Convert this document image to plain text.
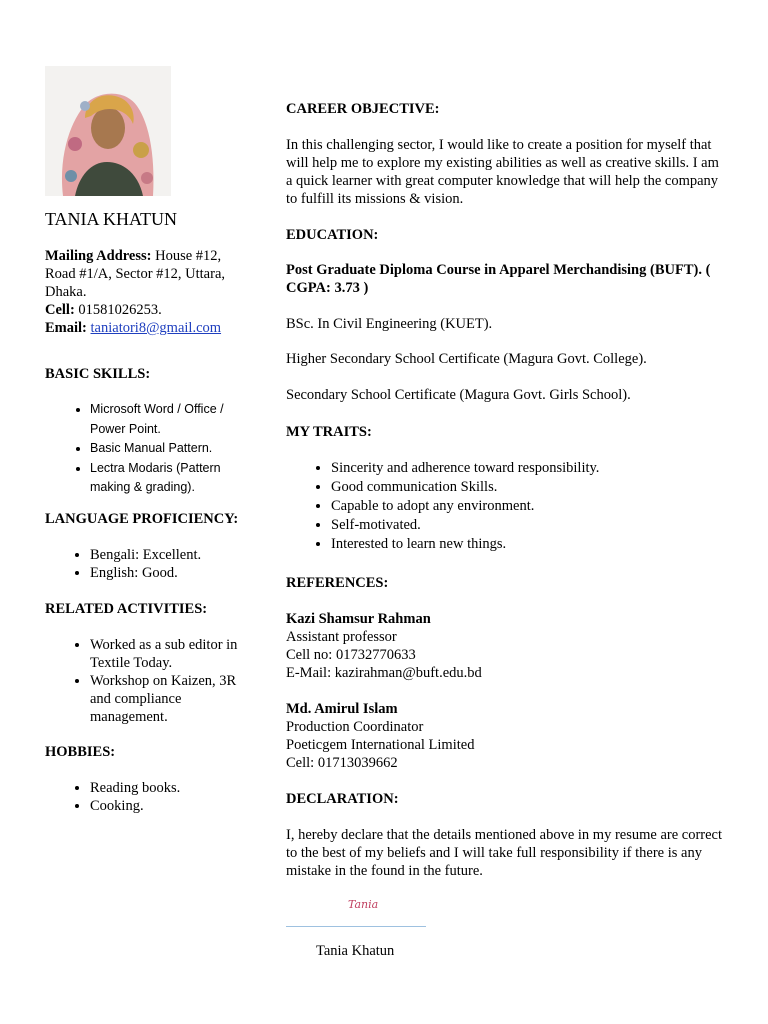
TANIA KHATUN
Mailing Address: House #12, Road #1/A, Sector #12, Uttara, Dhaka.
Cell: 01581026253.
Email: taniatori8@gmail.com
BASIC SKILLS:
• Microsoft Word / Office / Power Point.
• Basic Manual Pattern.
• Lectra Modaris (Pattern making & grading).
LANGUAGE PROFICIENCY:
• Bengali: Excellent.
• English: Good.
RELATED ACTIVITIES:
• Worked as a sub editor in Textile Today.
• Workshop on Kaizen, 3R and compliance management.
HOBBIES:
• Reading books.
• Cooking.
CAREER OBJECTIVE:
In this challenging sector, I would like to create a position for myself that will help me to explore my existing abilities as well as creative skills. I am a quick learner with great computer knowledge that will help the company to fulfill its missions & vision.
EDUCATION:
Post Graduate Diploma Course in Apparel Merchandising (BUFT). ( CGPA: 3.73 )
BSc. In Civil Engineering (KUET).
Higher Secondary School Certificate (Magura Govt. College).
Secondary School Certificate (Magura Govt. Girls School).
MY TRAITS:
• Sincerity and adherence toward responsibility.
• Good communication Skills.
• Capable to adopt any environment.
• Self-motivated.
• Interested to learn new things.
REFERENCES:
Kazi Shamsur Rahman
Assistant professor
Cell no: 01732770633
E-Mail: kazirahman@buft.edu.bd
Md. Amirul Islam
Production Coordinator
Poeticgem International Limited
Cell: 01713039662
DECLARATION:
I, hereby declare that the details mentioned above in my resume are correct to the best of my beliefs and I will take full responsibility if there is any mistake in the found in the future.
Tania
Tania Khatun
